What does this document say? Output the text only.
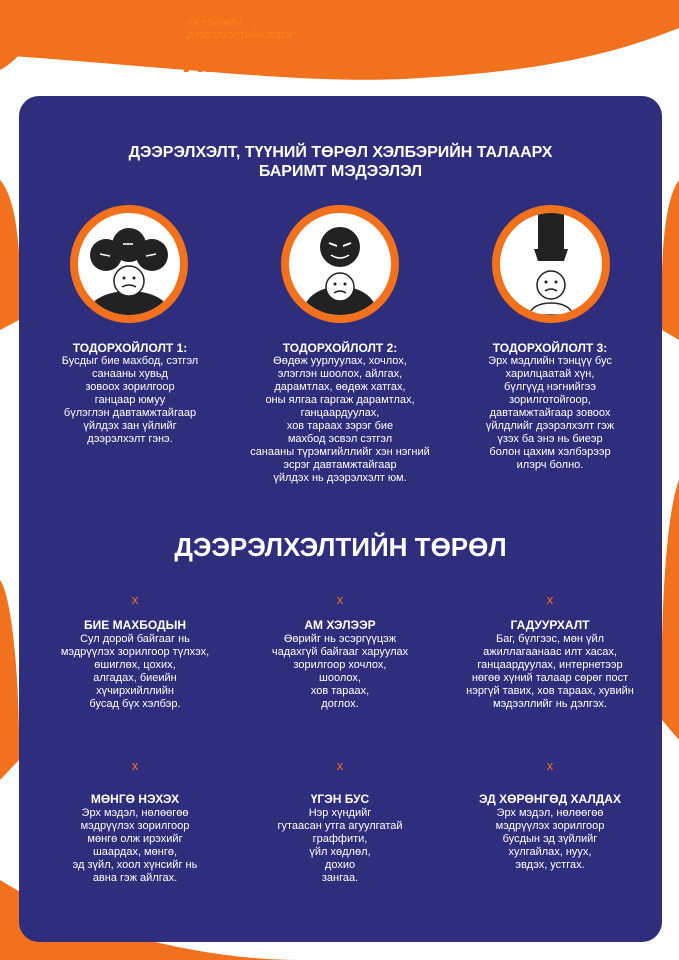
Үе тэнгийн
дээрэлхэлтийн эсрэг
HACKATHON 2018
ДЭЭРЭЛХЭЛТ, ТҮҮНИЙ ТӨРӨЛ ХЭЛБЭРИЙН ТАЛААРХ
БАРИМТ МЭДЭЭЛЭЛ
ТОДОРХОЙЛОЛТ 1:
Бусдыг бие махбод, сэтгэл
санааны хувьд
зовоох зорилгоор
ганцаар юмуу
бүлэглэн давтамжтайгаар
үйлдэх зан үйлийг
дээрэлхэлт гэнэ.
ТОДОРХОЙЛОЛТ 2:
Өөдөж уурлуулах, хочлох,
элэглэн шоолох, айлгах,
дарамтлах, өөдөж хатгах,
оны ялгаа гаргаж дарамтлах,
ганцаардуулах,
хов тараах зэрэг бие
махбод эсвэл сэтгэл
санааны түрэмгийллийг хэн нэгний
эсрэг давтамжтайгаар
үйлдэх нь дээрэлхэлт юм.
ТОДОРХОЙЛОЛТ 3:
Эрх мэдлийн тэнцүү бус
харилцаатай хүн,
бүлгүүд нэгнийгээ
зорилготойгоор,
давтамжтайгаар зовоох
үйлдлийг дээрэлхэлт гэж
үзэх ба энэ нь биеэр
болон цахим хэлбэрээр
илэрч болно.
ДЭЭРЭЛХЭЛТИЙН ТӨРӨЛ
x
БИЕ МАХБОДЫН
Сул дорой байгааг нь
мэдрүүлэх зорилгоор түлхэх,
өшиглөх, цохих,
алгадах, биеийн
хүчирхийллийн
бусад бүх хэлбэр.
x
АМ ХЭЛЭЭР
Өөрийг нь эсэргүүцэж
чадахгүй байгааг харуулах
зорилгоор хочлох,
шоолох,
хов тараах,
доглох.
x
ГАДУУРХАЛТ
Баг, бүлгээс, мөн үйл
ажиллагаанаас илт хасах,
ганцаардуулах, интернетээр
нөгөө хүний талаар сөрөг пост
нэргүй тавих, хов тараах, хувийн
мэдээллийг нь дэлгэх.
x
МӨНГӨ НЭХЭХ
Эрх мэдэл, нөлөөгөө
мэдрүүлэх зорилгоор
мөнгө олж ирэхийг
шаардах, мөнгө,
эд зүйл, хоол хүнсийг нь
авна гэж айлгах.
x
ҮГЭН БУС
Нэр хүндийг
гутаасан утга агуулгатай
граффити,
үйл хөдлөл,
дохио
зангаа.
x
ЭД ХӨРӨНГӨД ХАЛДАХ
Эрх мэдэл, нөлөөгөө
мэдрүүлэх зорилгоор
бусдын эд зүйлийг
хулгайлах, нуух,
эвдэх, устгах.
